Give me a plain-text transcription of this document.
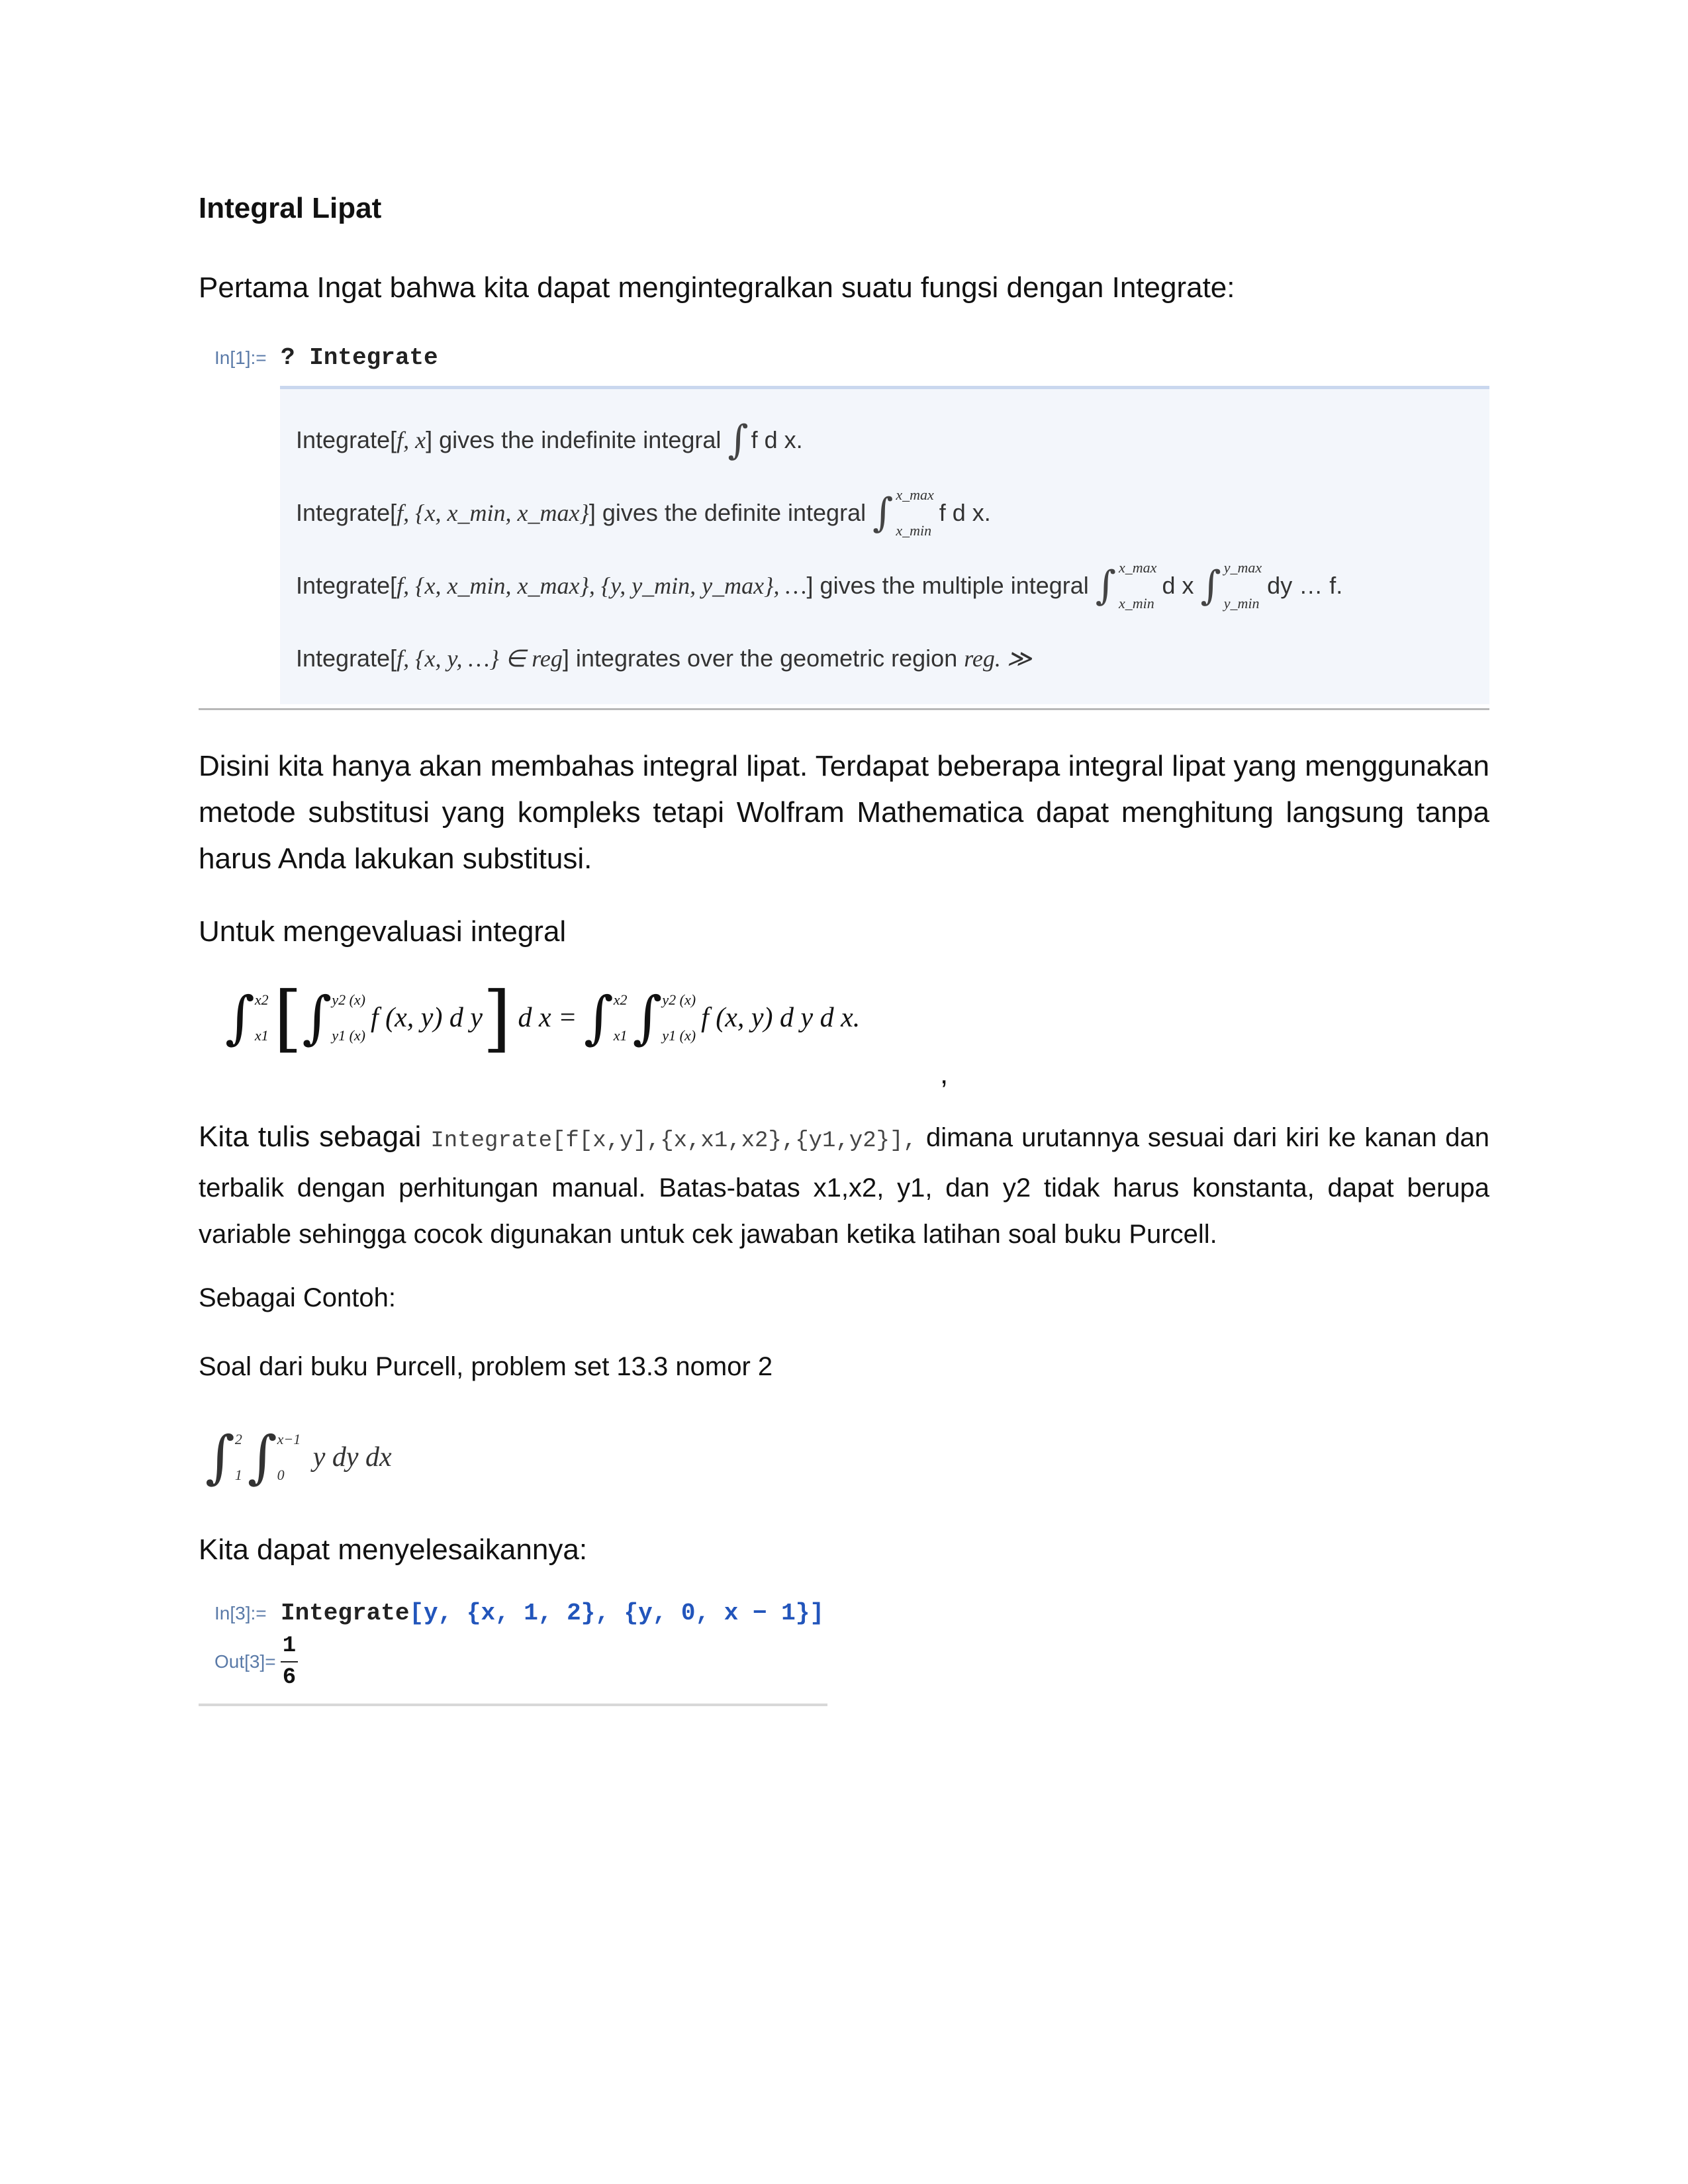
Integral Lipat

Pertama Ingat bahwa kita dapat mengintegralkan suatu fungsi dengan Integrate:

In[1]:= ? Integrate
Integrate[ f, x ] gives the indefinite integral ∫ f d x.
Integrate[ f, {x, x_min, x_max} ] gives the definite integral ∫ x_max
x_min
f d x.
Integrate[ f, {x, x_min, x_max}, {y, y_min, y_max}, … ] gives the multiple integral ∫ x_max
x_min
d x ∫ y_max
y_min
dy … f.
Integrate[ f, {x, y, …} ∈ reg ] integrates over the geometric region
reg. ≫

Disini kita hanya akan membahas integral lipat. Terdapat beberapa integral lipat yang menggunakan metode substitusi yang kompleks tetapi Wolfram Mathematica dapat menghitung langsung tanpa harus Anda lakukan substitusi.

Untuk mengevaluasi integral

∫ x2
x1 [ ∫ y2 (x)
y1 (x)
f (x, y) d y ]
d x =
∫ x2
x1 ∫ y2 (x)
y1 (x)
f (x, y) d y d x.
,

Kita tulis sebagai Integrate[f[x,y],{x,x1,x2},{y1,y2}], dimana urutannya sesuai dari kiri ke kanan dan terbalik dengan perhitungan manual. Batas-batas x1,x2, y1, dan y2 tidak harus konstanta, dapat berupa variable sehingga cocok digunakan untuk cek jawaban ketika latihan soal buku Purcell.

Sebagai Contoh:

Soal dari buku Purcell, problem set 13.3 nomor 2

∫ 2
1 ∫ x−1
0

y dy dx

Kita dapat menyelesaikannya:

In[3]:= Integrate[y, {x, 1, 2}, {y, 0, x − 1}]
$Out[3]= \frac{1}{6}$
